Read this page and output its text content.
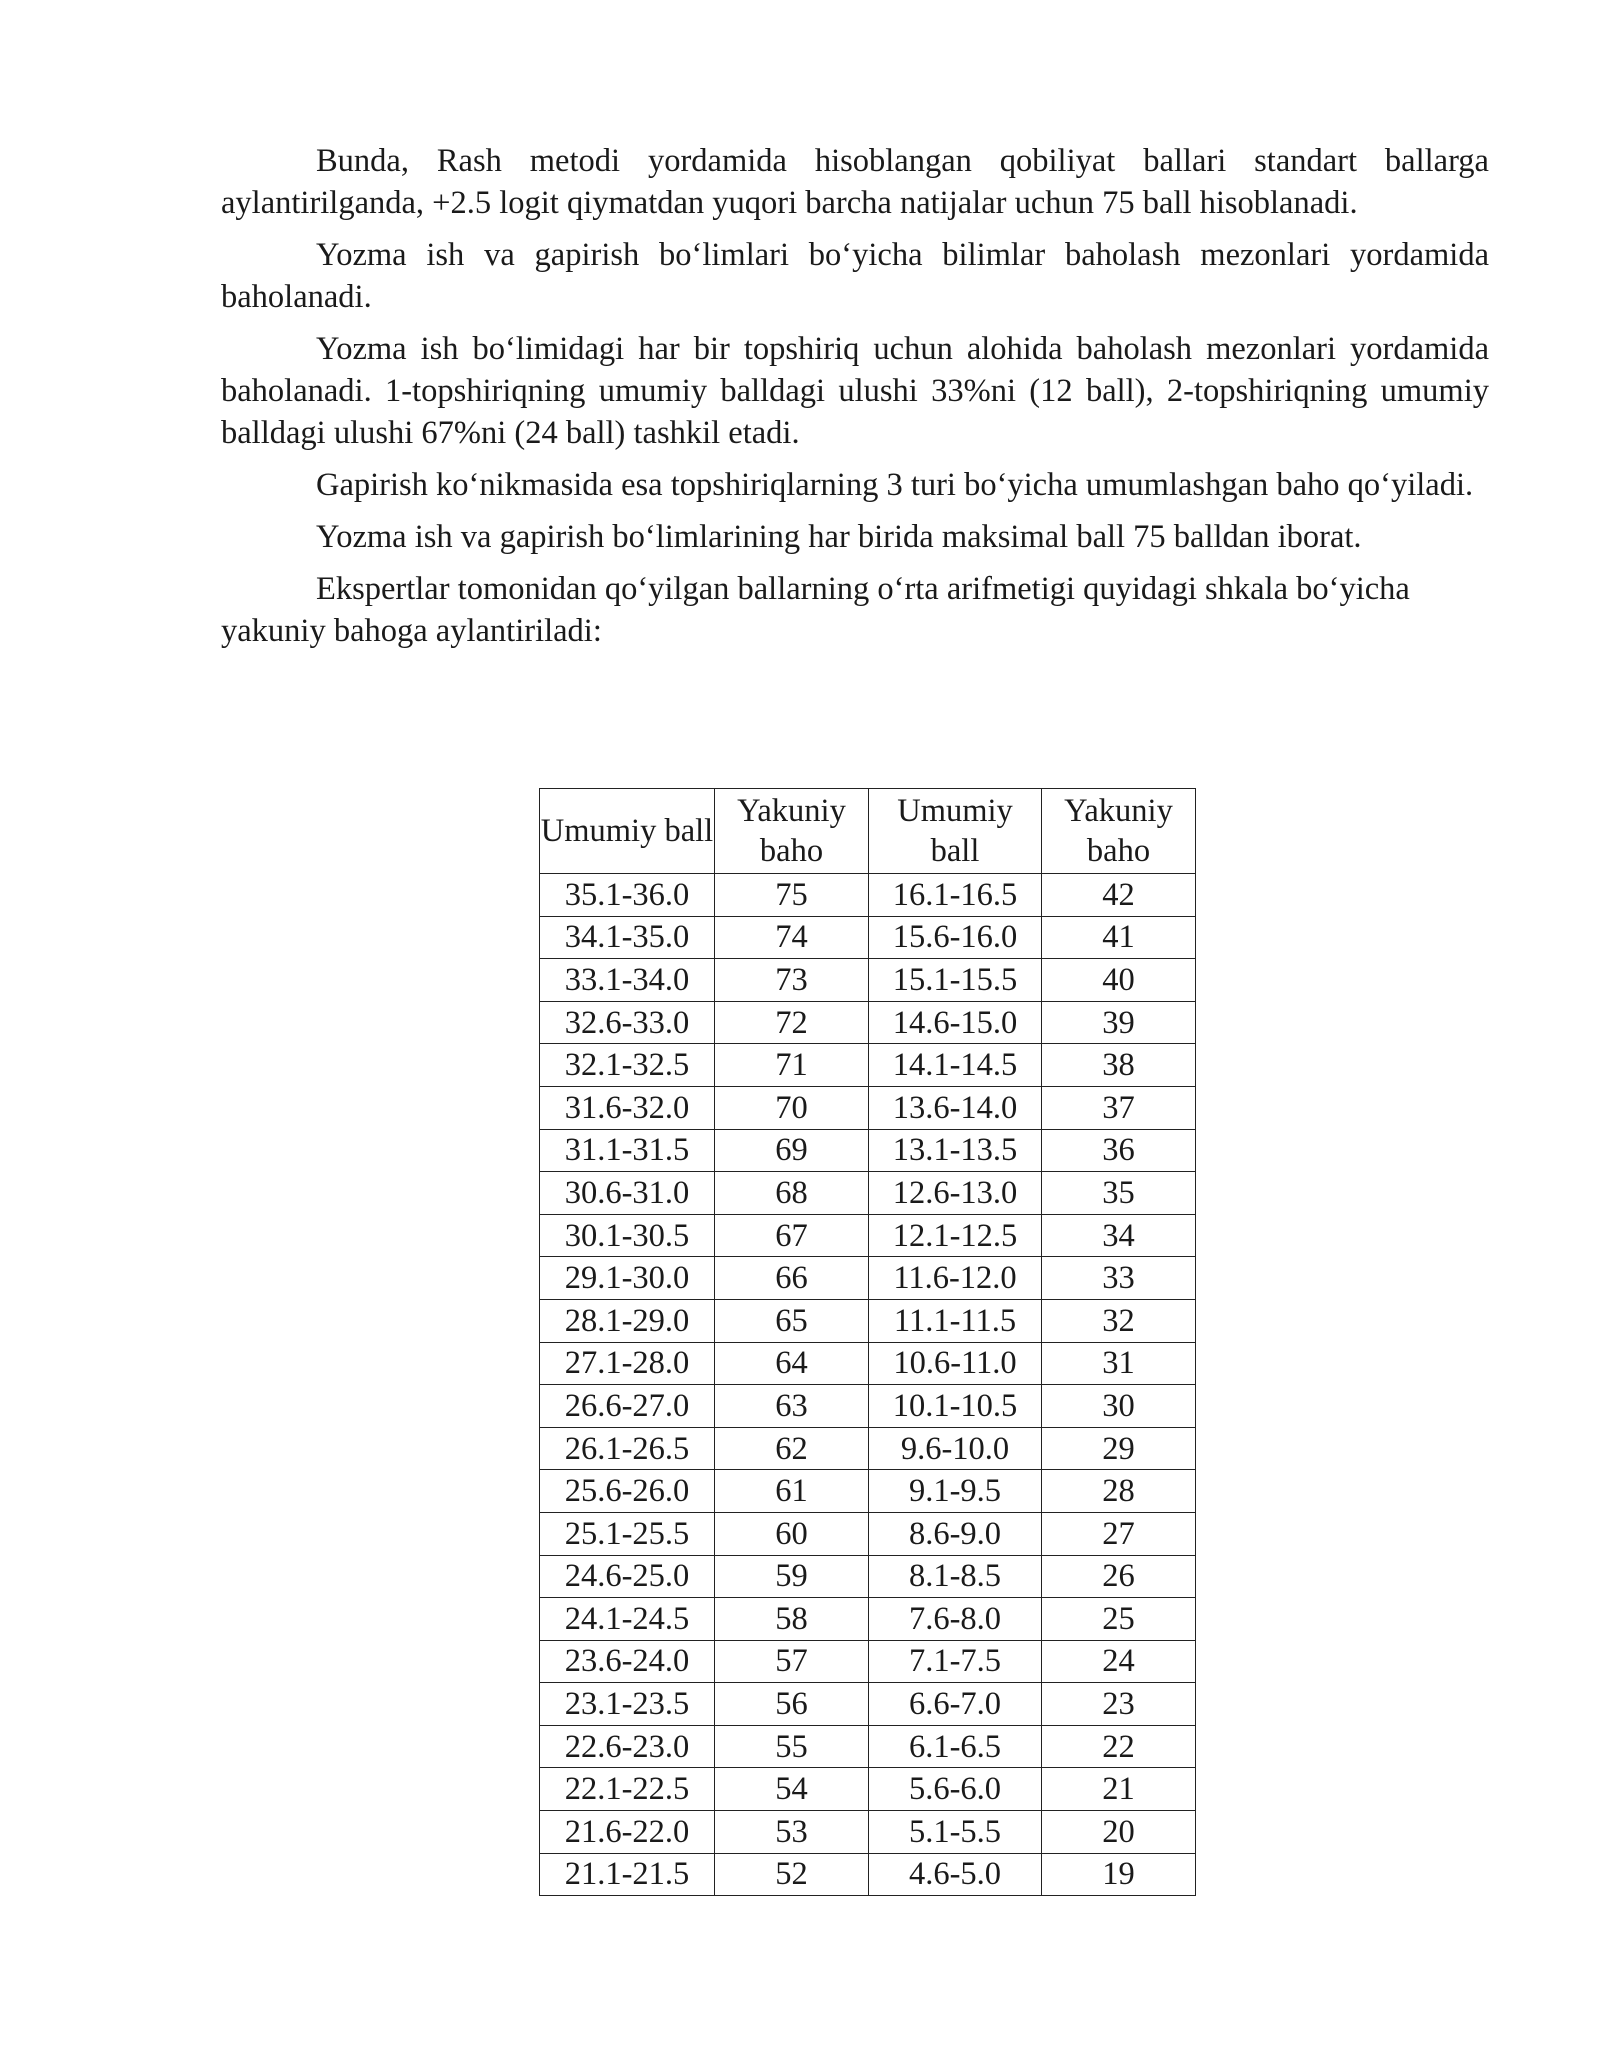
Bunda, Rash metodi yordamida hisoblangan qobiliyat ballari standart ballarga aylantirilganda, +2.5 logit qiymatdan yuqori barcha natijalar uchun 75 ball hisoblanadi.

Yozma ish va gapirish boʻlimlari boʻyicha bilimlar baholash mezonlari yordamida baholanadi.

Yozma ish boʻlimidagi har bir topshiriq uchun alohida baholash mezonlari yordamida baholanadi. 1-topshiriqning umumiy balldagi ulushi 33%ni (12 ball), 2-topshiriqning umumiy balldagi ulushi 67%ni (24 ball) tashkil etadi.

Gapirish koʻnikmasida esa topshiriqlarning 3 turi boʻyicha umumlashgan baho qoʻyiladi.

Yozma ish va gapirish boʻlimlarining har birida maksimal ball 75 balldan iborat.

Ekspertlar tomonidan qoʻyilgan ballarning oʻrta arifmetigi quyidagi shkala boʻyicha yakuniy bahoga aylantiriladi:

Umumiy ball	Yakuniy baho	Umumiy ball	Yakuniy baho
35.1-36.0	75	16.1-16.5	42
34.1-35.0	74	15.6-16.0	41
33.1-34.0	73	15.1-15.5	40
32.6-33.0	72	14.6-15.0	39
32.1-32.5	71	14.1-14.5	38
31.6-32.0	70	13.6-14.0	37
31.1-31.5	69	13.1-13.5	36
30.6-31.0	68	12.6-13.0	35
30.1-30.5	67	12.1-12.5	34
29.1-30.0	66	11.6-12.0	33
28.1-29.0	65	11.1-11.5	32
27.1-28.0	64	10.6-11.0	31
26.6-27.0	63	10.1-10.5	30
26.1-26.5	62	9.6-10.0	29
25.6-26.0	61	9.1-9.5	28
25.1-25.5	60	8.6-9.0	27
24.6-25.0	59	8.1-8.5	26
24.1-24.5	58	7.6-8.0	25
23.6-24.0	57	7.1-7.5	24
23.1-23.5	56	6.6-7.0	23
22.6-23.0	55	6.1-6.5	22
22.1-22.5	54	5.6-6.0	21
21.6-22.0	53	5.1-5.5	20
21.1-21.5	52	4.6-5.0	19
